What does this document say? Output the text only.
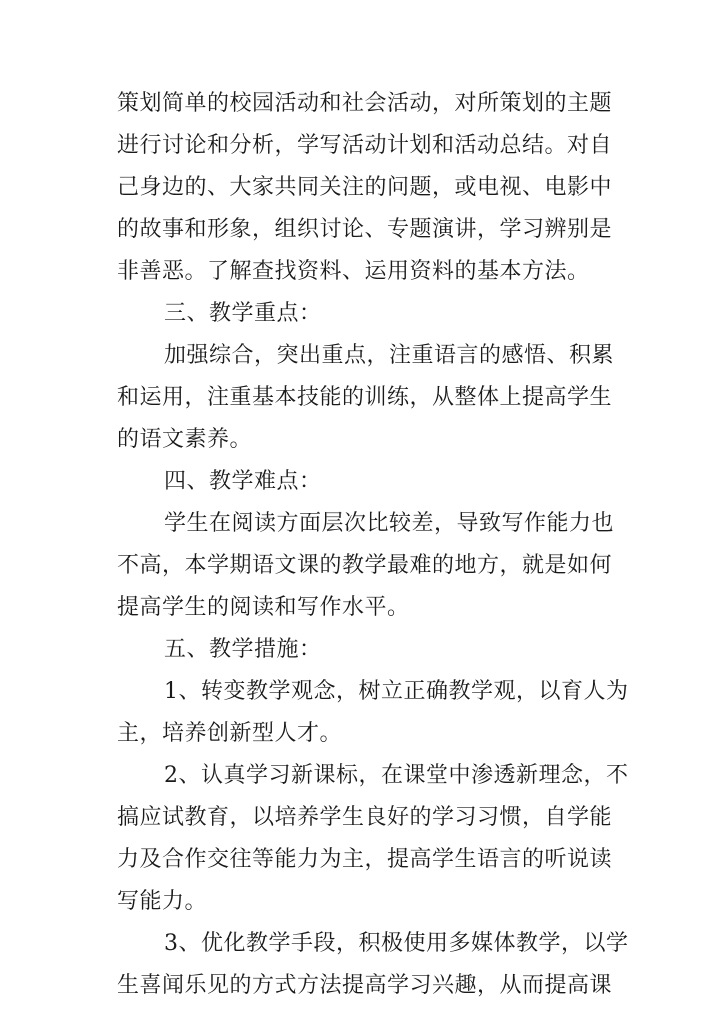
策划简单的校园活动和社会活动，对所策划的主题
进行讨论和分析，学写活动计划和活动总结。对自
己身边的、大家共同关注的问题，或电视、电影中
的故事和形象，组织讨论、专题演讲，学习辨别是
非善恶。了解查找资料、运用资料的基本方法。
三、教学重点：
加强综合，突出重点，注重语言的感悟、积累
和运用，注重基本技能的训练，从整体上提高学生
的语文素养。
四、教学难点：
学生在阅读方面层次比较差，导致写作能力也
不高，本学期语文课的教学最难的地方，就是如何
提高学生的阅读和写作水平。
五、教学措施：
1、转变教学观念，树立正确教学观，以育人为
主，培养创新型人才。
2、认真学习新课标，在课堂中渗透新理念，不
搞应试教育，以培养学生良好的学习习惯，自学能
力及合作交往等能力为主，提高学生语言的听说读
写能力。
3、优化教学手段，积极使用多媒体教学，以学
生喜闻乐见的方式方法提高学习兴趣，从而提高课
